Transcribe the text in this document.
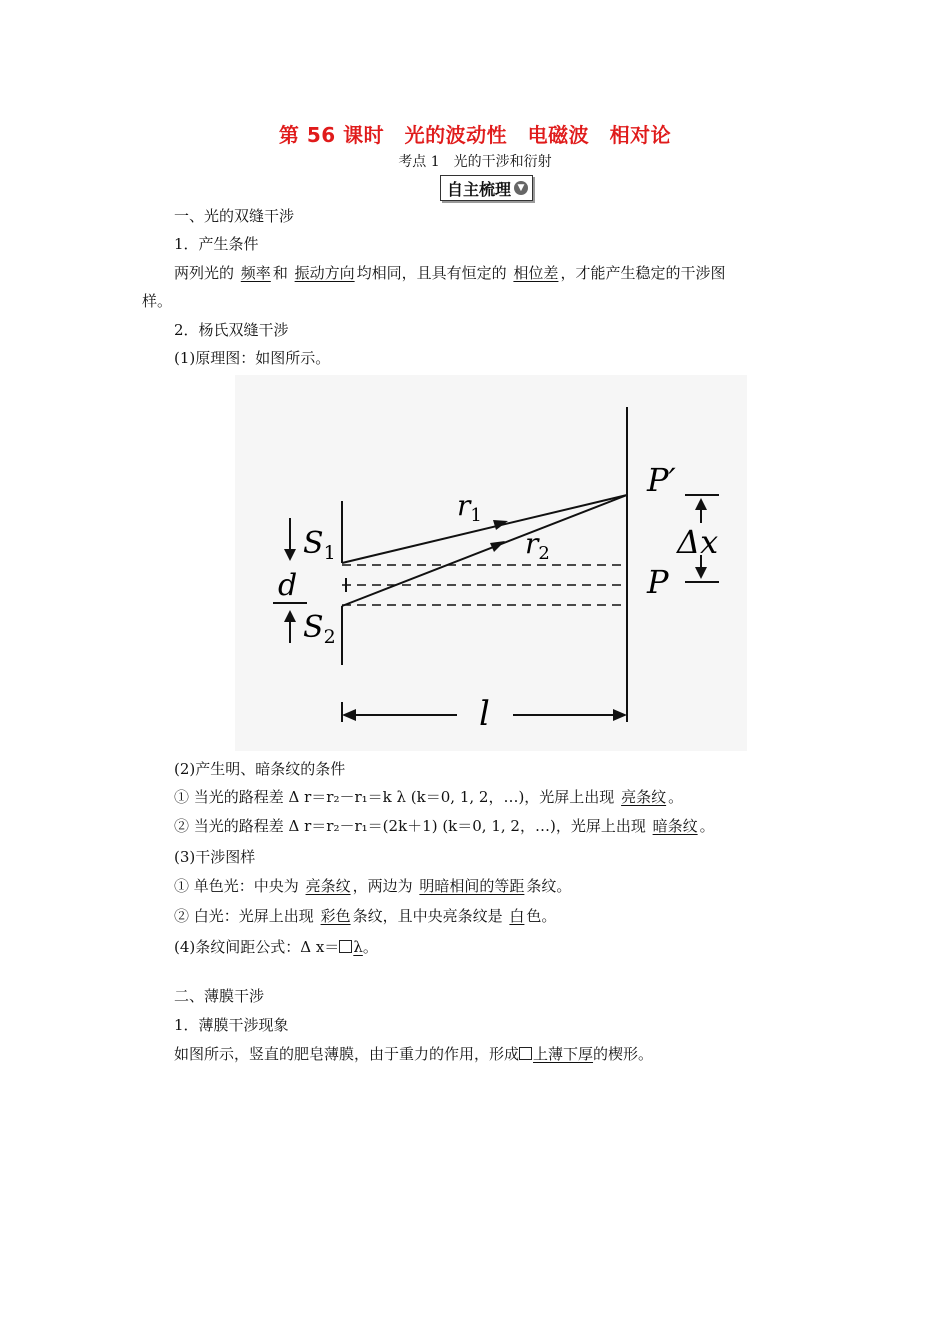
第 56 课时　光的波动性　电磁波　相对论
考点 1　光的干涉和衍射
自主梳理 ▼
一、光的双缝干涉
1．产生条件
两列光的 频率 和 振动方向 均相同，且具有恒定的 相位差 ，才能产生稳定的干涉图
样。
2．杨氏双缝干涉
(1)原理图：如图所示。
$S_1$
d
$S_2$
$r_1$
$r_2$
P′
P
Δx
l
(2)产生明、暗条纹的条件
① 当光的路程差 Δ r＝r₂－r₁＝k λ (k＝0, 1, 2，…)，光屏上出现 亮条纹 。
② 当光的路程差 Δ r＝r₂－r₁＝(2k＋1) (k＝0, 1, 2，…)，光屏上出现 暗条纹 。
(3)干涉图样
① 单色光：中央为 亮条纹 ，两边为 明暗相间的等距 条纹。
② 白光：光屏上出现 彩色 条纹，且中央亮条纹是 白 色。
(4)条纹间距公式：Δ x＝ λ。
二、薄膜干涉
1．薄膜干涉现象
如图所示，竖直的肥皂薄膜，由于重力的作用，形成 上薄下厚的楔形。
